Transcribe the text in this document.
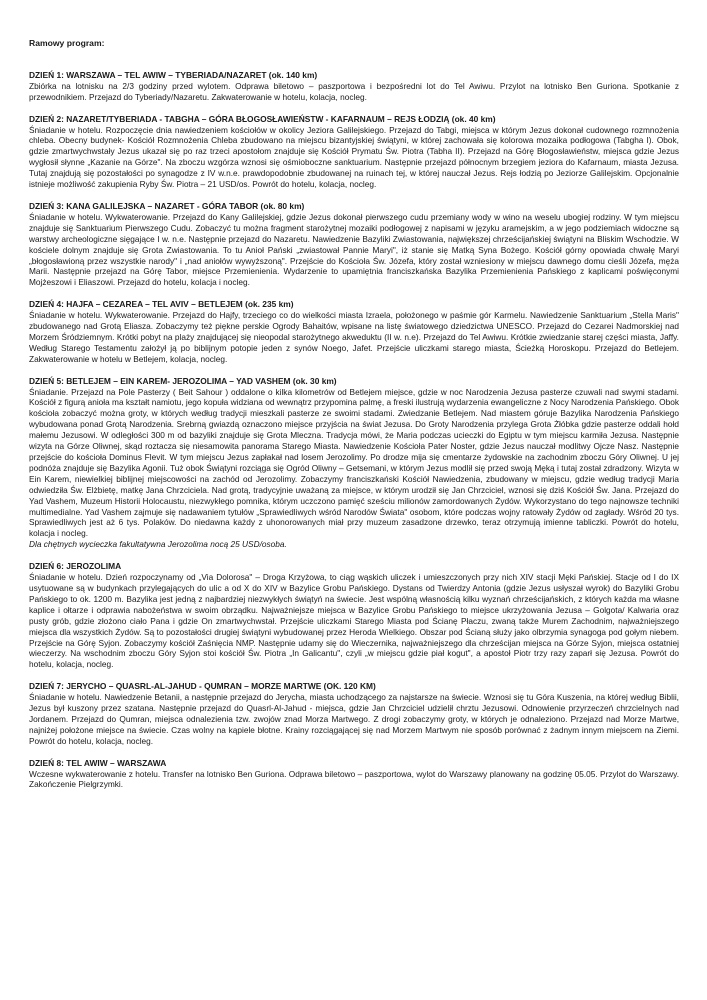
Ramowy program:

DZIEŃ 1: WARSZAWA – TEL AWIW – TYBERIADA/NAZARET (ok. 140 km)

Zbiórka na lotnisku na 2/3 godziny przed wylotem. Odprawa biletowo – paszportowa i bezpośredni lot do Tel Awiwu. Przylot na lotnisko Ben Guriona. Spotkanie z przewodnikiem. Przejazd do Tyberiady/Nazaretu. Zakwaterowanie w hotelu, kolacja, nocleg.

DZIEŃ 2: NAZARET/TYBERIADA - TABGHA – GÓRA BŁOGOSŁAWIEŃSTW - KAFARNAUM – REJS ŁODZIĄ (ok. 40 km)

Śniadanie w hotelu. Rozpoczęcie dnia nawiedzeniem kościołów w okolicy Jeziora Galilejskiego. Przejazd do Tabgi, miejsca w którym Jezus dokonał cudownego rozmnożenia chleba. Obecny budynek- Kościół Rozmnożenia Chleba zbudowano na miejscu bizantyjskiej świątyni, w której zachowała się kolorowa mozaika podłogowa (Tabgha I). Obok, gdzie zmartwychwstały Jezus ukazał się po raz trzeci apostołom znajduje się Kościół Prymatu Św. Piotra (Tabha II). Przejazd na Górę Błogosławieństw, miejsca gdzie Jezus wygłosił słynne „Kazanie na Górze". Na zboczu wzgórza wznosi się ośmioboczne sanktuarium. Następnie przejazd północnym brzegiem jeziora do Kafarnaum, miasta Jezusa. Tutaj znajdują się pozostałości po synagodze z IV w.n.e. prawdopodobnie zbudowanej na ruinach tej, w której nauczał Jezus. Rejs łodzią po Jeziorze Galilejskim. Opcjonalnie istnieje możliwość zakupienia Ryby Św. Piotra – 21 USD/os. Powrót do hotelu, kolacja, nocleg.

DZIEŃ 3: KANA GALILEJSKA – NAZARET - GÓRA TABOR (ok. 80 km)

Śniadanie w hotelu. Wykwaterowanie. Przejazd do Kany Galilejskiej, gdzie Jezus dokonał pierwszego cudu przemiany wody w wino na weselu ubogiej rodziny. W tym miejscu znajduje się Sanktuarium Pierwszego Cudu. Zobaczyć tu można fragment starożytnej mozaiki podłogowej z napisami w języku aramejskim, a w jego podziemiach widoczne są warstwy archeologiczne sięgające I w. n.e. Następnie przejazd do Nazaretu. Nawiedzenie Bazyliki Zwiastowania, największej chrześcijańskiej świątyni na Bliskim Wschodzie. W kościele dolnym znajduje się Grota Zwiastowania. To tu Anioł Pański „zwiastował Pannie Maryi", iż stanie się Matką Syna Bożego. Kościół górny opowiada chwałę Maryi „błogosławioną przez wszystkie narody" i „nad aniołów wywyższoną". Przejście do Kościoła Św. Józefa, który został wzniesiony w miejscu dawnego domu cieśli Józefa, męża Marii. Następnie przejazd na Górę Tabor, miejsce Przemienienia. Wydarzenie to upamiętnia franciszkańska Bazylika Przemienienia Pańskiego z kaplicami poświęconymi Mojżeszowi i Eliaszowi. Przejazd do hotelu, kolacja i nocleg.

DZIEŃ 4: HAJFA – CEZAREA – TEL AVIV – BETLEJEM (ok. 235 km)

Śniadanie w hotelu. Wykwaterowanie. Przejazd do Hajfy, trzeciego co do wielkości miasta Izraela, położonego w paśmie gór Karmelu. Nawiedzenie Sanktuarium „Stella Maris" zbudowanego nad Grotą Eliasza. Zobaczymy też piękne perskie Ogrody Bahaitów, wpisane na listę światowego dziedzictwa UNESCO. Przejazd do Cezarei Nadmorskiej nad Morzem Śródziemnym. Krótki pobyt na plaży znajdującej się nieopodal starożytnego akweduktu (II w. n.e). Przejazd do Tel Awiwu. Krótkie zwiedzanie starej części miasta, Jaffy. Według Starego Testamentu założył ją po biblijnym potopie jeden z synów Noego, Jafet. Przejście uliczkami starego miasta, Ścieżką Horoskopu. Przejazd do Betlejem. Zakwaterowanie w hotelu w Betlejem, kolacja, nocleg.

DZIEŃ 5: BETLEJEM – EIN KAREM- JEROZOLIMA – YAD VASHEM (ok. 30 km)

Śniadanie. Przejazd na Pole Pasterzy ( Beit Sahour ) oddalone o kilka kilometrów od Betlejem miejsce, gdzie w noc Narodzenia Jezusa pasterze czuwali nad swymi stadami. Kościół z figurą anioła ma kształt namiotu, jego kopuła widziana od wewnątrz przypomina palmę, a freski ilustrują wydarzenia ewangeliczne z Nocy Narodzenia Pańskiego. Obok kościoła zobaczyć można groty, w których według tradycji mieszkali pasterze ze swoimi stadami. Zwiedzanie Betlejem. Nad miastem góruje Bazylika Narodzenia Pańskiego wybudowana ponad Grotą Narodzenia. Srebrną gwiazdą oznaczono miejsce przyjścia na świat Jezusa. Do Groty Narodzenia przylega Grota Żłóbka gdzie pasterze oddali hołd małemu Jezusowi. W odległości 300 m od bazyliki znajduje się Grota Mleczna. Tradycja mówi, że Maria podczas ucieczki do Egiptu w tym miejscu karmiła Jezusa. Następnie wizyta na Górze Oliwnej, skąd roztacza się niesamowita panorama Starego Miasta. Nawiedzenie Kościoła Pater Noster, gdzie Jezus nauczał modlitwy Ojcze Nasz. Następnie przejście do kościoła Dominus Flevit. W tym miejscu Jezus zapłakał nad losem Jerozolimy. Po drodze mija się cmentarze żydowskie na zachodnim zboczu Góry Oliwnej. U jej podnóża znajduje się Bazylika Agonii. Tuż obok Świątyni rozciąga się Ogród Oliwny – Getsemani, w którym Jezus modlił się przed swoją Męką i tutaj został zdradzony. Wizyta w Ein Karem, niewielkiej biblijnej miejscowości na zachód od Jerozolimy. Zobaczymy franciszkański Kościół Nawiedzenia, zbudowany w miejscu, gdzie według tradycji Maria odwiedziła Św. Elżbietę, matkę Jana Chrzciciela. Nad grotą, tradycyjnie uważaną za miejsce, w którym urodził się Jan Chrzciciel, wznosi się dziś Kościół Św. Jana. Przejazd do Yad Vashem, Muzeum Historii Holocaustu, niezwykłego pomnika, którym uczczono pamięć sześciu milionów zamordowanych Żydów. Wykorzystano do tego najnowsze techniki multimedialne. Yad Vashem zajmuje się nadawaniem tytułów „Sprawiedliwych wśród Narodów Świata" osobom, które podczas wojny ratowały Żydów od zagłady. Wśród 20 tys. Sprawiedliwych jest aż 6 tys. Polaków. Do niedawna każdy z uhonorowanych miał przy muzeum zasadzone drzewko, teraz otrzymują imienne tabliczki. Powrót do hotelu, kolacja i nocleg.

Dla chętnych wycieczka fakultatywna Jerozolima nocą 25 USD/osoba.

DZIEŃ 6: JEROZOLIMA

Śniadanie w hotelu. Dzień rozpoczynamy od „Via Dolorosa" – Droga Krzyżowa, to ciąg wąskich uliczek i umieszczonych przy nich XIV stacji Męki Pańskiej. Stacje od I do IX usytuowane są w budynkach przylegających do ulic a od X do XIV w Bazylice Grobu Pańskiego. Dystans od Twierdzy Antonia (gdzie Jezus usłyszał wyrok) do Bazyliki Grobu Pańskiego to ok. 1200 m. Bazylika jest jedną z najbardziej niezwykłych świątyń na świecie. Jest wspólną własnością kilku wyznań chrześcijańskich, z których każda ma własne kaplice i ołtarze i odprawia nabożeństwa w swoim obrządku. Najważniejsze miejsca w Bazylice Grobu Pańskiego to miejsce ukrzyżowania Jezusa – Golgota/ Kalwaria oraz pusty grób, gdzie złożono ciało Pana i gdzie On zmartwychwstał. Przejście uliczkami Starego Miasta pod Ścianę Płaczu, zwaną także Murem Zachodnim, najważniejszego miejsca dla wszystkich Żydów. Są to pozostałości drugiej świątyni wybudowanej przez Heroda Wielkiego. Obszar pod Ścianą służy jako olbrzymia synagoga pod gołym niebem. Przejście na Górę Syjon. Zobaczymy kościół Zaśnięcia NMP. Następnie udamy się do Wieczernika, najważniejszego dla chrześcijan miejsca na Górze Syjon, miejsca ostatniej wieczerzy. Na wschodnim zboczu Góry Syjon stoi kościół Św. Piotra „In Galicantu", czyli „w miejscu gdzie piał kogut", a apostoł Piotr trzy razy zaparł się Jezusa. Powrót do hotelu, kolacja, nocleg.

DZIEŃ 7: JERYCHO – QUASRL-AL-JAHUD - QUMRAN – MORZE MARTWE (OK. 120 KM)

Śniadanie w hotelu. Nawiedzenie Betanii, a następnie przejazd do Jerycha, miasta uchodzącego za najstarsze na świecie. Wznosi się tu Góra Kuszenia, na której według Biblii, Jezus był kuszony przez szatana. Następnie przejazd do Quasrl-Al-Jahud - miejsca, gdzie Jan Chrzciciel udzielił chrztu Jezusowi. Odnowienie przyrzeczeń chrzcielnych nad Jordanem. Przejazd do Qumran, miejsca odnalezienia tzw. zwojów znad Morza Martwego. Z drogi zobaczymy groty, w których je odnaleziono. Przejazd nad Morze Martwe, najniżej położone miejsce na świecie. Czas wolny na kąpiele błotne. Krainy rozciągającej się nad Morzem Martwym nie sposób porównać z żadnym innym miejscem na Ziemi. Powrót do hotelu, kolacja, nocleg.

DZIEŃ 8: TEL AWIW – WARSZAWA

Wczesne wykwaterowanie z hotelu. Transfer na lotnisko Ben Guriona. Odprawa biletowo – paszportowa, wylot do Warszawy planowany na godzinę 05.05. Przylot do Warszawy. Zakończenie Pielgrzymki.
